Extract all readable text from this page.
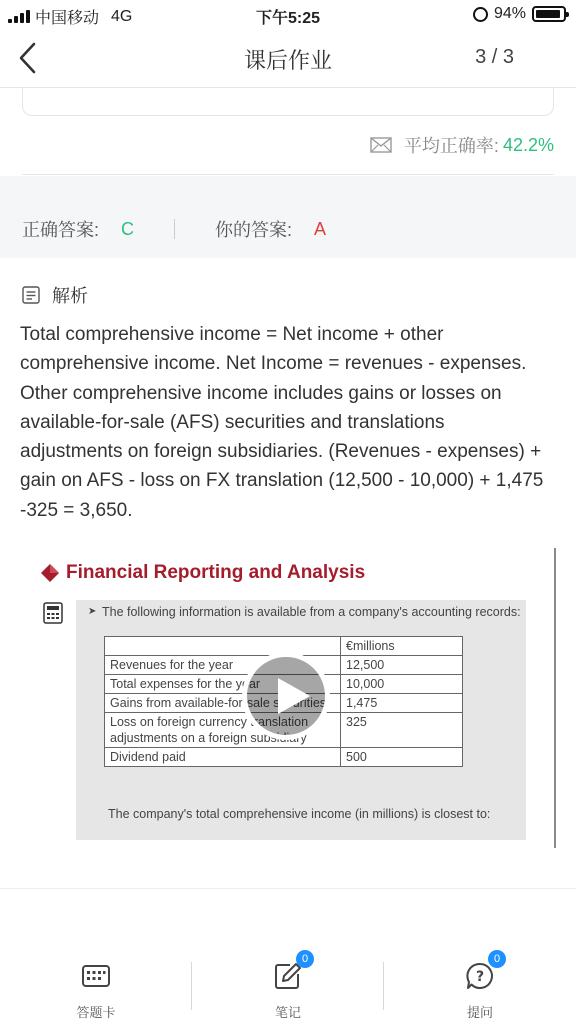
中国移动 4G	下午5:25	94%
课后作业	3 / 3
平均正确率: 42.2%
正确答案: C	你的答案: A
解析
Total comprehensive income = Net income + other comprehensive income. Net Income = revenues - expenses. Other comprehensive income includes gains or losses on available-for-sale (AFS) securities and translations adjustments on foreign subsidiaries. (Revenues - expenses) + gain on AFS - loss on FX translation (12,500 - 10,000) + 1,475 -325 = 3,650.
Financial Reporting and Analysis
➤ The following information is available from a company's accounting records:
	€millions
Revenues for the year	12,500
Total expenses for the year	10,000
Gains from available-for-sale securities	1,475
Loss on foreign currency translation adjustments on a foreign subsidiary	325
Dividend paid	500
The company's total comprehensive income (in millions) is closest to:
答题卡
0
笔记
?
0
提问
